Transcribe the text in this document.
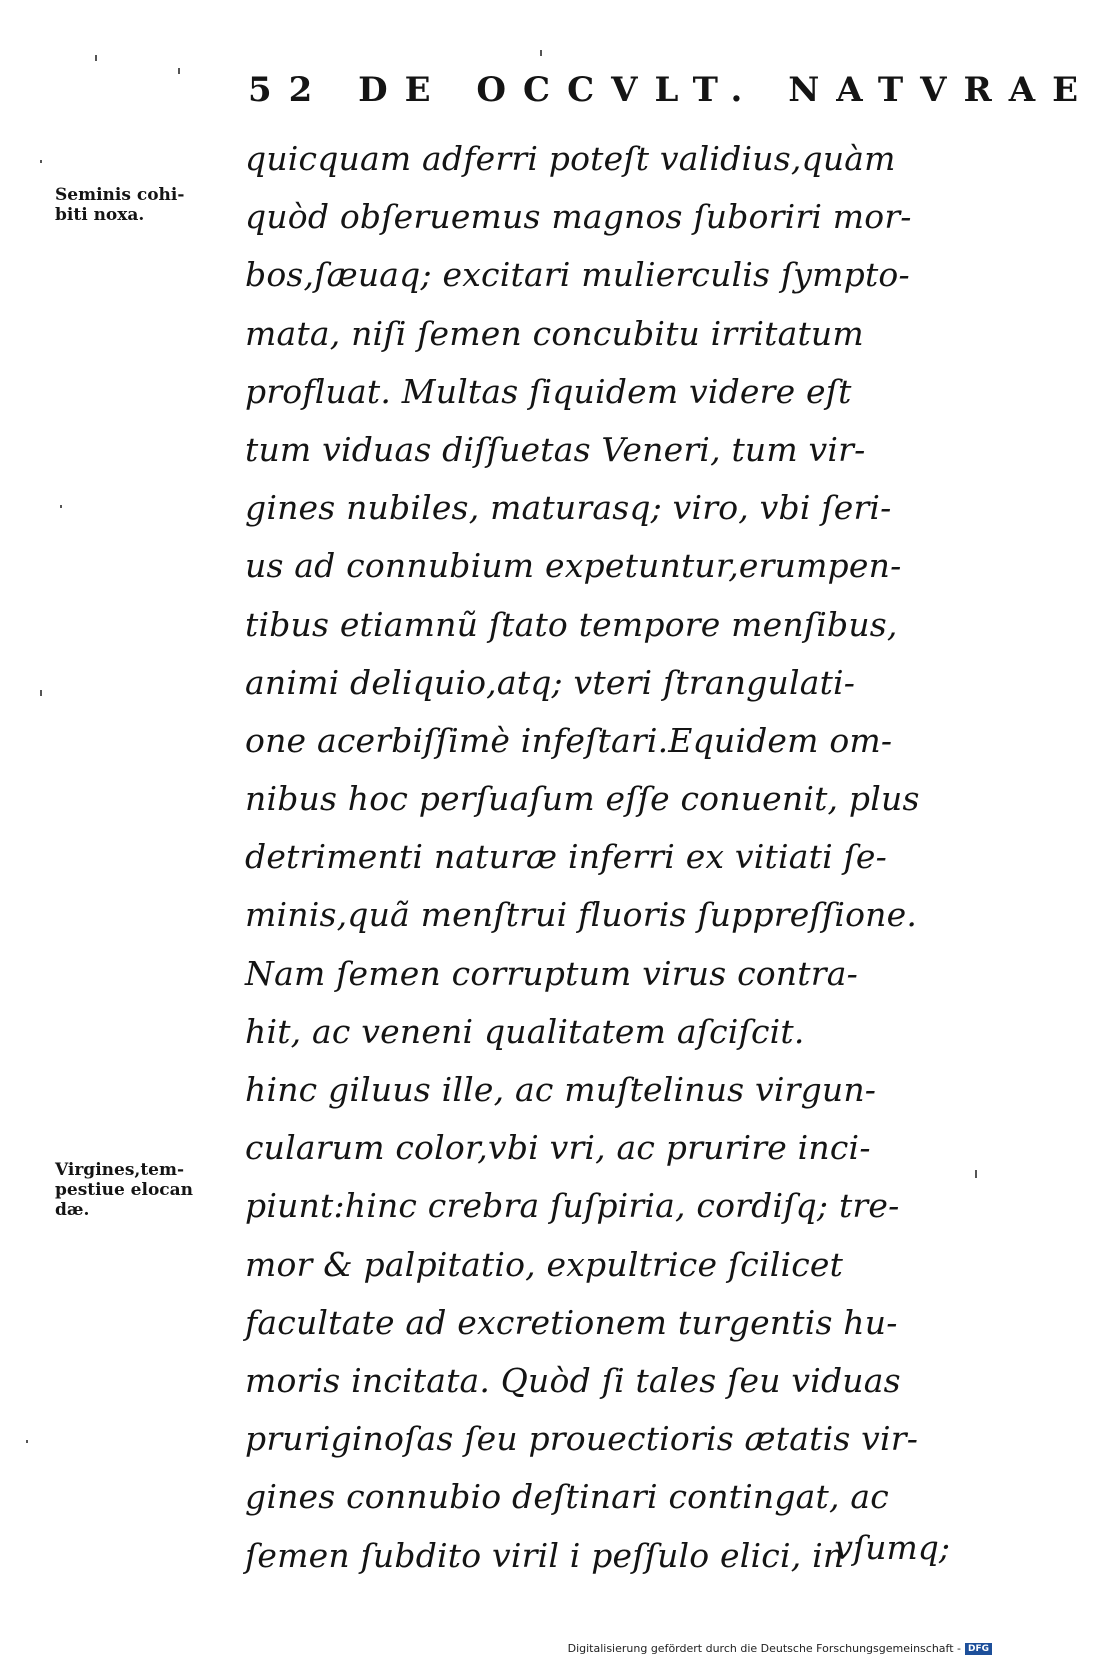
52 DE OCCVLT. NATVRAE
Seminis cohi-
biti noxa.
Virgines,tem-
pestiue elocan
dæ.
quicquam adferri poteſt validius,quàm
quòd obſeruemus magnos ſuboriri mor-
bos,ſæuaq; excitari mulierculis ſympto-
mata, niſi ſemen concubitu irritatum
profluat. Multas ſiquidem videre eſt
tum viduas diſſuetas Veneri, tum vir-
gines nubiles, maturasq; viro, vbi ſeri-
us ad connubium expetuntur,erumpen-
tibus etiamnũ ſtato tempore menſibus,
animi deliquio,atq; vteri ſtrangulati-
one acerbiſſimè infeſtari.Equidem om-
nibus hoc perſuaſum eſſe conuenit, plus
detrimenti naturæ inferri ex vitiati ſe-
minis,quã menſtrui fluoris ſuppreſſione.
Nam ſemen corruptum virus contra-
hit, ac veneni qualitatem aſciſcit.
hinc giluus ille, ac muſtelinus virgun-
cularum color,vbi vri, ac prurire inci-
piunt:hinc crebra ſuſpiria, cordiſq; tre-
mor & palpitatio, expultrice ſcilicet
facultate ad excretionem turgentis hu-
moris incitata. Quòd ſi tales ſeu viduas
pruriginoſas ſeu prouectioris ætatis vir-
gines connubio deſtinari contingat, ac
ſemen ſubdito viril i peſſulo elici, in
vſumq;
Digitalisierung gefördert durch die Deutsche Forschungsgemeinschaft - DFG
